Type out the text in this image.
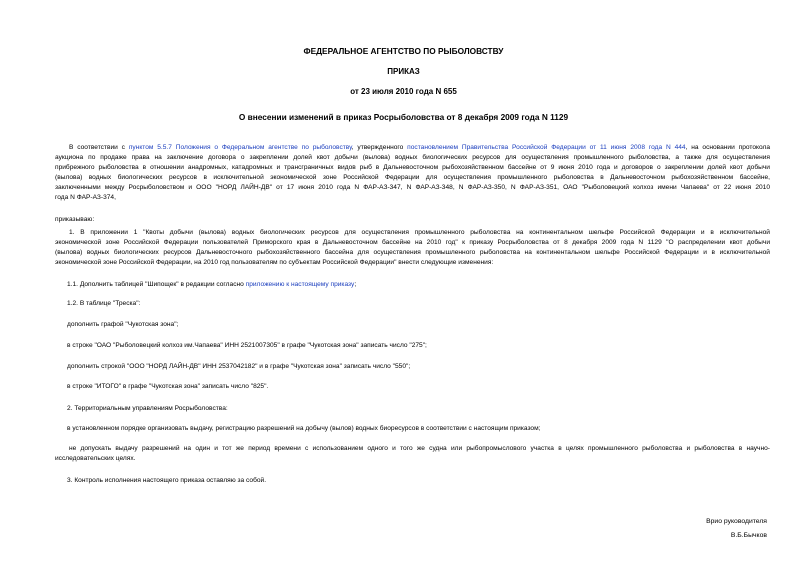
ФЕДЕРАЛЬНОЕ АГЕНТСТВО ПО РЫБОЛОВСТВУ
ПРИКАЗ
от 23 июля 2010 года N 655
О внесении изменений в приказ Росрыболовства от 8 декабря 2009 года N 1129
В соответствии с пунктом 5.5.7 Положения о Федеральном агентстве по рыболовству, утвержденного постановлением Правительства Российской Федерации от 11 июня 2008 года N 444, на основании протокола
аукциона по продаже права на заключение договора о закреплении долей квот добычи (вылова) водных биологических ресурсов для осуществления промышленного рыболовства, а также для осуществления
прибрежного рыболовства в отношении анадромных, катадромных и трансграничных видов рыб в Дальневосточном рыбохозяйственном бассейне от 9 июня 2010 года и договоров о закреплении долей квот добычи
(вылова) водных биологических ресурсов в исключительной экономической зоне Российской Федерации для осуществления промышленного рыболовства в Дальневосточном рыбохозяйственном бассейне,
заключенными между Росрыболовством и ООО "НОРД ЛАЙН-ДВ" от 17 июня 2010 года N ФАР-АЗ-347, N ФАР-АЗ-348, N ФАР-АЗ-350, N ФАР-АЗ-351, ОАО "Рыболовецкий колхоз имени Чапаева" от 22 июня 2010
года N ФАР-АЗ-374,
приказываю:
1. В приложении 1 "Квоты добычи (вылова) водных биологических ресурсов для осуществления промышленного рыболовства на континентальном шельфе Российской Федерации и в исключительной
экономической зоне Российской Федерации пользователей Приморского края в Дальневосточном бассейне на 2010 год" к приказу Росрыболовства от 8 декабря 2009 года N 1129 "О распределении квот добычи
(вылова) водных биологических ресурсов Дальневосточного рыбохозяйственного бассейна для осуществления промышленного рыболовства на континентальном шельфе Российской Федерации и в исключительной
экономической зоне Российской Федерации, на 2010 год пользователям по субъектам Российской Федерации" внести следующие изменения:
1.1. Дополнить таблицей "Шипощек" в редакции согласно приложению к настоящему приказу;
1.2. В таблице "Треска":
дополнить графой "Чукотская зона";
в строке "ОАО "Рыболовецкий колхоз им.Чапаева" ИНН 2521007305" в графе "Чукотская зона" записать число "275";
дополнить строкой "ООО "НОРД ЛАЙН-ДВ" ИНН 2537042182" и в графе "Чукотская зона" записать число "550";
в строке "ИТОГО" в графе "Чукотская зона" записать число "825".
2. Территориальным управлениям Росрыболовства:
в установленном порядке организовать выдачу, регистрацию разрешений на добычу (вылов) водных биоресурсов в соответствии с настоящим приказом;
не допускать выдачу разрешений на один и тот же период времени с использованием одного и того же судна или рыбопромыслового участка в целях промышленного рыболовства и рыболовства в научно-
исследовательских целях.
3. Контроль исполнения настоящего приказа оставляю за собой.
Врио руководителя
В.Б.Бычков
